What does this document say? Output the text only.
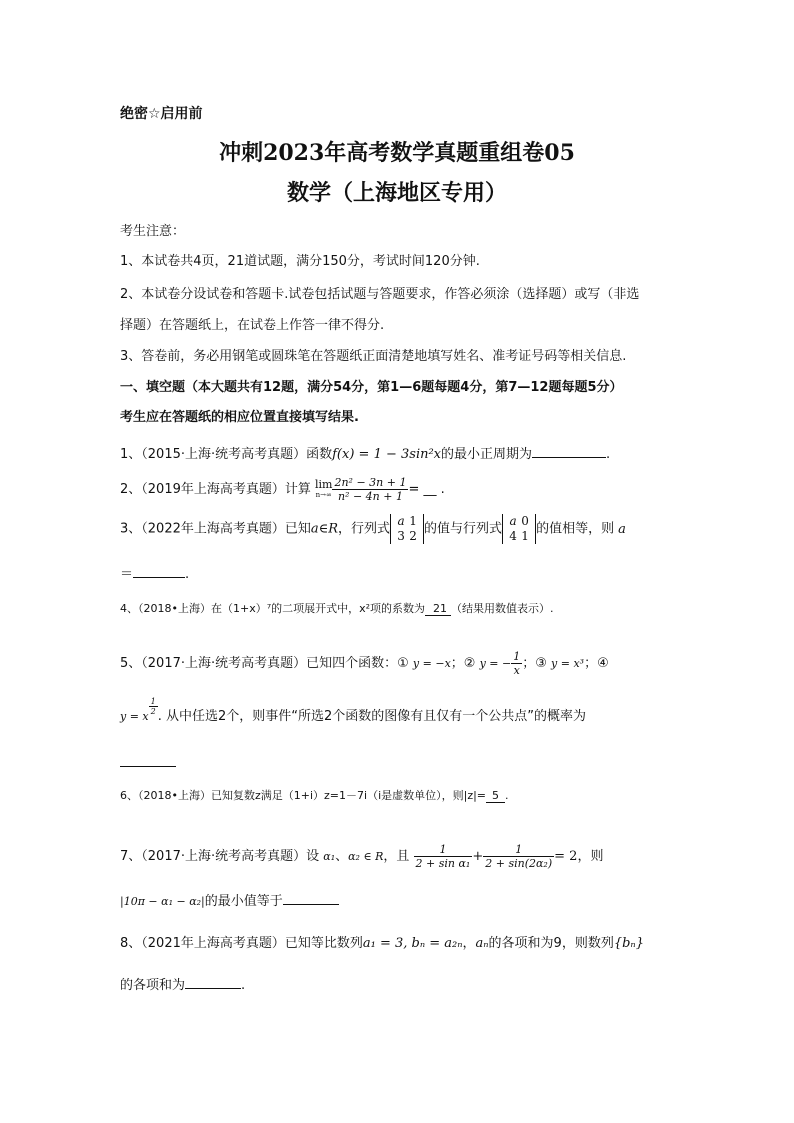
绝密☆启用前
冲刺2023年高考数学真题重组卷05
数学（上海地区专用）
考生注意：
1、本试卷共4页，21道试题，满分150分，考试时间120分钟.
2、本试卷分设试卷和答题卡.试卷包括试题与答题要求，作答必须涂（选择题）或写（非选
择题）在答题纸上，在试卷上作答一律不得分.
3、答卷前，务必用钢笔或圆珠笔在答题纸正面清楚地填写姓名、准考证号码等相关信息.
一、填空题（本大题共有12题，满分54分，第1—6题每题4分，第7—12题每题5分）
考生应在答题纸的相应位置直接填写结果.
1、（2015·上海·统考高考真题）函数f(x) = 1 − 3sin²x的最小正周期为	.
2、（2019年上海高考真题）计算 lim
$n\to\infty \frac{\text{2n² − 3n + 1}}{\text{n² − 4n + 1}}$ = __ .
3、（2022年上海高考真题）已知a∈R，行列式a 1
3 2 的值与行列式a 0
4 1 的值相等，则 a
＝	.
4、（2018•上海）在（1+x）⁷的二项展开式中，x²项的系数为 21 （结果用数值表示）.
5、（2017·上海·统考高考真题）已知四个函数：① y = −x；② y = − $\frac{1}{x}$ ；③ y = x³；④
y = x
$\frac{1}{2}$
. 从中任选2个，则事件“所选2个函数的图像有且仅有一个公共点”的概率为
6、（2018•上海）已知复数z满足（1+i）z=1－7i（i是虚数单位），则|z|= 5 .
7、（2017·上海·统考高考真题）设 α₁、α₂ ∈ R，且 $\frac{1}{\text{2 + sin α₁}} + \frac{1}{\text{2 + sin(2α₂)}} = 2$，则
|10π − α₁ − α₂|的最小值等于
8、（2021年上海高考真题）已知等比数列a₁ = 3, bₙ = a₂ₙ，aₙ的各项和为9，则数列{bₙ}
的各项和为	.
